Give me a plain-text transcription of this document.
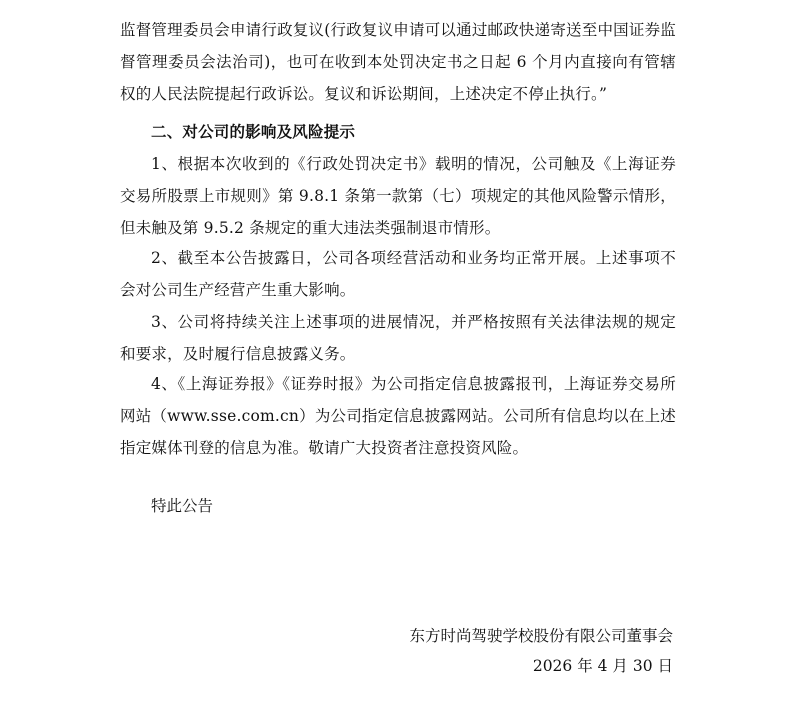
监督管理委员会申请行政复议(行政复议申请可以通过邮政快递寄送至中国证券监督管理委员会法治司)，也可在收到本处罚决定书之日起 6 个月内直接向有管辖权的人民法院提起行政诉讼。复议和诉讼期间，上述决定不停止执行。”

二、对公司的影响及风险提示

1、根据本次收到的《行政处罚决定书》载明的情况，公司触及《上海证券交易所股票上市规则》第 9.8.1 条第一款第（七）项规定的其他风险警示情形，但未触及第 9.5.2 条规定的重大违法类强制退市情形。

2、截至本公告披露日，公司各项经营活动和业务均正常开展。上述事项不会对公司生产经营产生重大影响。

3、公司将持续关注上述事项的进展情况，并严格按照有关法律法规的规定和要求，及时履行信息披露义务。

4、《上海证券报》《证券时报》为公司指定信息披露报刊，上海证券交易所网站（www.sse.com.cn）为公司指定信息披露网站。公司所有信息均以在上述指定媒体刊登的信息为准。敬请广大投资者注意投资风险。

特此公告
东方时尚驾驶学校股份有限公司董事会
2026 年 4 月 30 日
